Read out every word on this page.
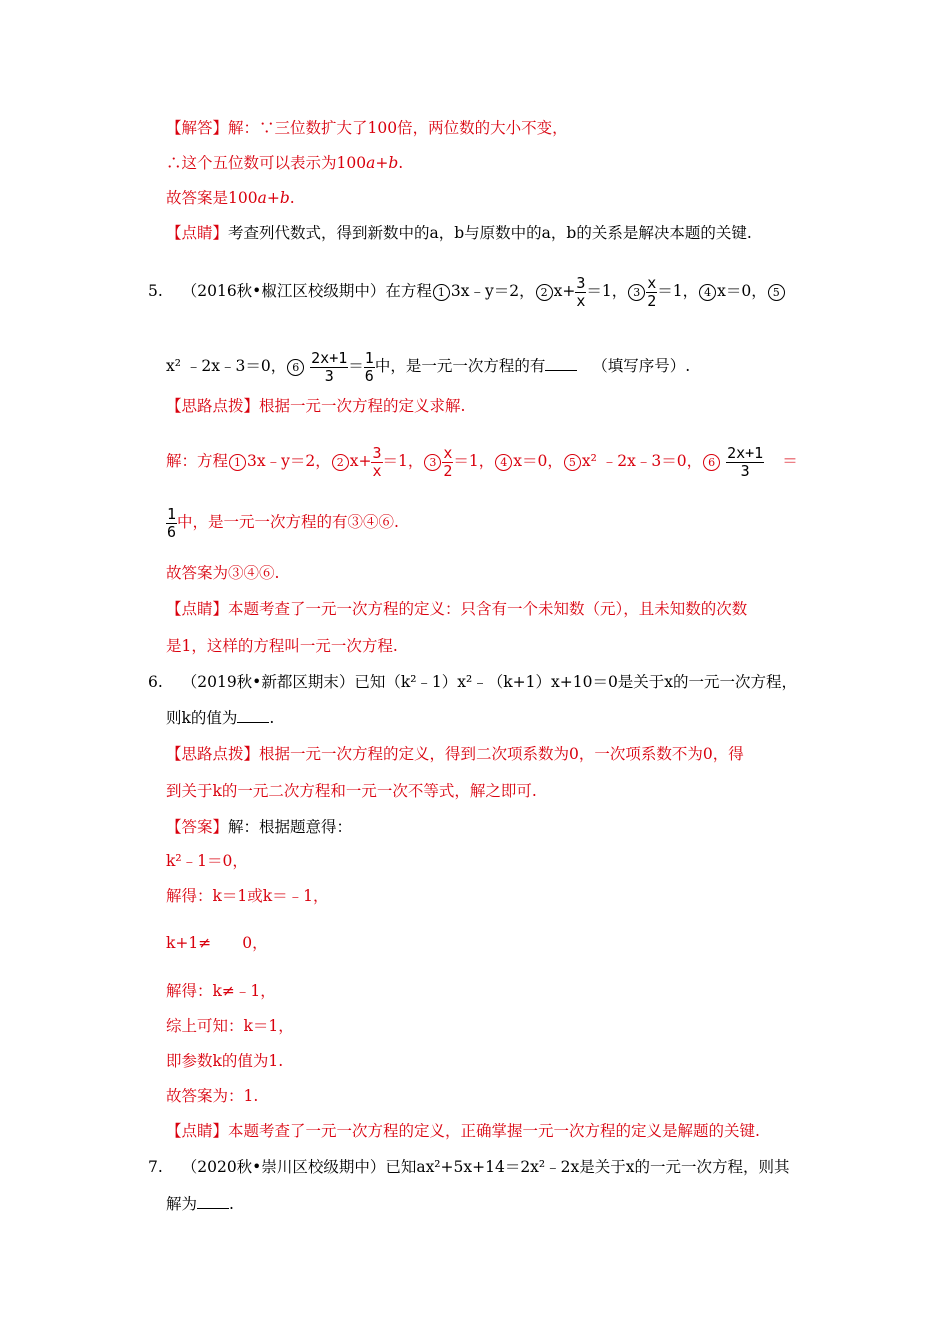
【解答】解：∵三位数扩大了100倍，两位数的大小不变，
∴这个五位数可以表示为100a+b.
故答案是100a+b.
【点睛】考查列代数式，得到新数中的a，b与原数中的a，b的关系是解决本题的关键.
5. （2016秋•椒江区校级期中）在方程 1 3x﹣y＝2， 2 $x+ \frac{3}{x} =1$， $3 \frac{x}{2} =1$， 4 x＝0， 5
x² ﹣2x﹣3＝0， $6 \frac{2x+1}{3} = \frac{1}{6}$ 中，是一元一次方程的有	（填写序号）.
【思路点拨】根据一元一次方程的定义求解.
解：方程 1 3x﹣y＝2， 2 $x+ \frac{3}{x} =1$， $3 \frac{x}{2} =1$， 4 x＝0， 5 x² ﹣2x﹣3＝0， $6 \frac{2x+1}{3}$ ＝
$\frac{1}{6}$ 中，是一元一次方程的有③④⑥.
故答案为③④⑥.
【点睛】本题考查了一元一次方程的定义：只含有一个未知数（元），且未知数的次数
是1，这样的方程叫一元一次方程.
6. （2019秋•新都区期末）已知（k²﹣1）x²﹣（k+1）x+10＝0是关于x的一元一次方程，
则k的值为 .
【思路点拨】根据一元一次方程的定义，得到二次项系数为0，一次项系数不为0，得
到关于k的一元二次方程和一元一次不等式，解之即可.
【答案】解：根据题意得：
k²﹣1＝0，
解得：k＝1或k＝﹣1，
k+1≠　　0，
解得：k≠﹣1，
综上可知：k＝1，
即参数k的值为1.
故答案为：1.
【点睛】本题考查了一元一次方程的定义，正确掌握一元一次方程的定义是解题的关键.
7. （2020秋•崇川区校级期中）已知ax²+5x+14＝2x²﹣2x是关于x的一元一次方程，则其
解为 .
